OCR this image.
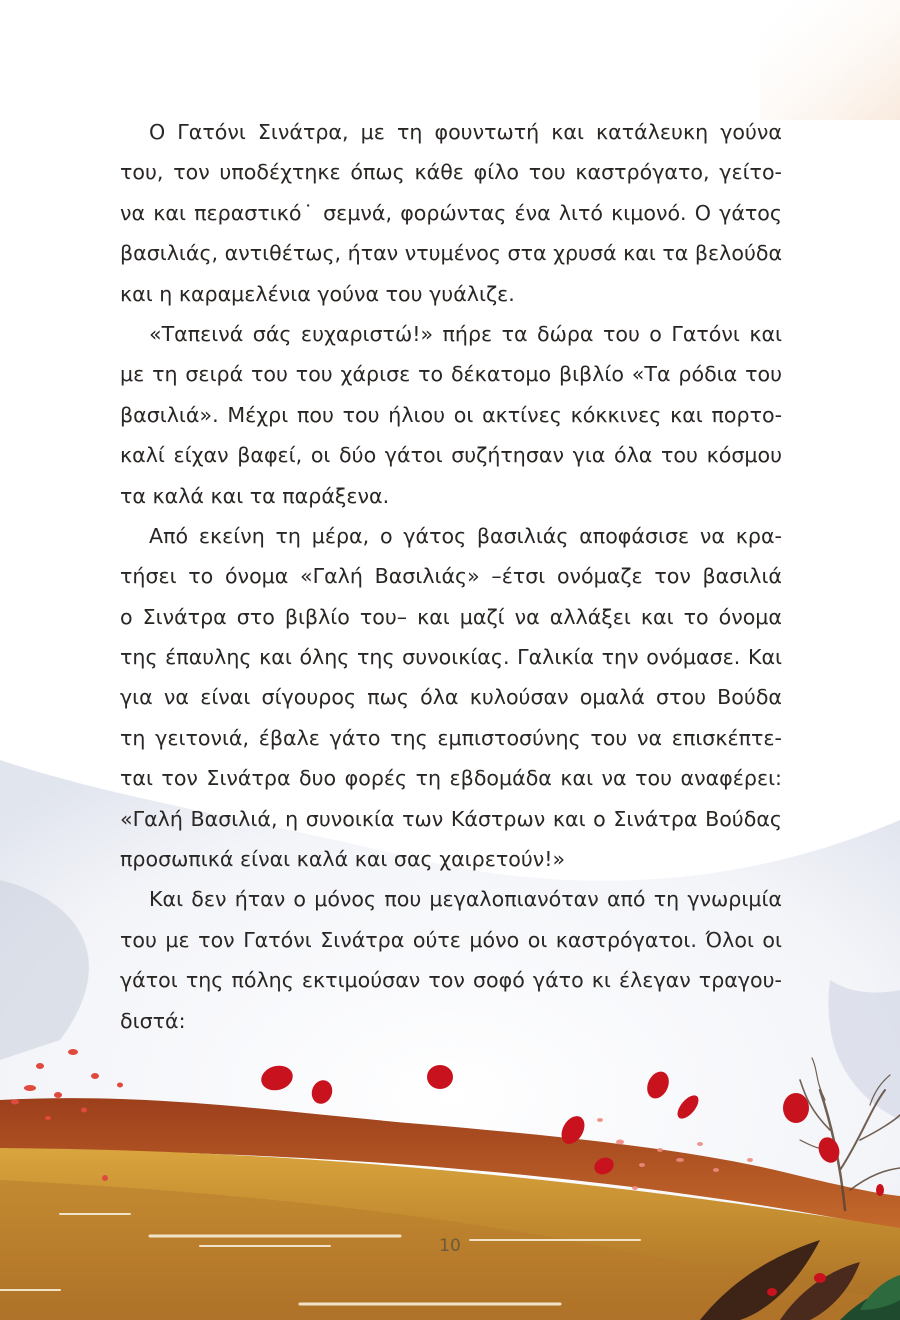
Ο Γατόνι Σινάτρα, με τη φουντωτή και κατάλευκη γούνα
του, τον υποδέχτηκε όπως κάθε φίλο του καστρόγατο, γείτο-
να και περαστικό˙ σεμνά, φορώντας ένα λιτό κιμονό. Ο γάτος
βασιλιάς, αντιθέτως, ήταν ντυμένος στα χρυσά και τα βελούδα
και η καραμελένια γούνα του γυάλιζε.
«Ταπεινά σάς ευχαριστώ!» πήρε τα δώρα του ο Γατόνι και
με τη σειρά του του χάρισε το δέκατομο βιβλίο «Τα ρόδια του
βασιλιά». Μέχρι που του ήλιου οι ακτίνες κόκκινες και πορτο-
καλί είχαν βαφεί, οι δύο γάτοι συζήτησαν για όλα του κόσμου
τα καλά και τα παράξενα.
Από εκείνη τη μέρα, ο γάτος βασιλιάς αποφάσισε να κρα-
τήσει το όνομα «Γαλή Βασιλιάς» –έτσι ονόμαζε τον βασιλιά
ο Σινάτρα στο βιβλίο του– και μαζί να αλλάξει και το όνομα
της έπαυλης και όλης της συνοικίας. Γαλικία την ονόμασε. Και
για να είναι σίγουρος πως όλα κυλούσαν ομαλά στου Βούδα
τη γειτονιά, έβαλε γάτο της εμπιστοσύνης του να επισκέπτε-
ται τον Σινάτρα δυο φορές τη εβδομάδα και να του αναφέρει:
«Γαλή Βασιλιά, η συνοικία των Κάστρων και ο Σινάτρα Βούδας
προσωπικά είναι καλά και σας χαιρετούν!»
Και δεν ήταν ο μόνος που μεγαλοπιανόταν από τη γνωριμία
του με τον Γατόνι Σινάτρα ούτε μόνο οι καστρόγατοι. Όλοι οι
γάτοι της πόλης εκτιμούσαν τον σοφό γάτο κι έλεγαν τραγου-
διστά:
10
